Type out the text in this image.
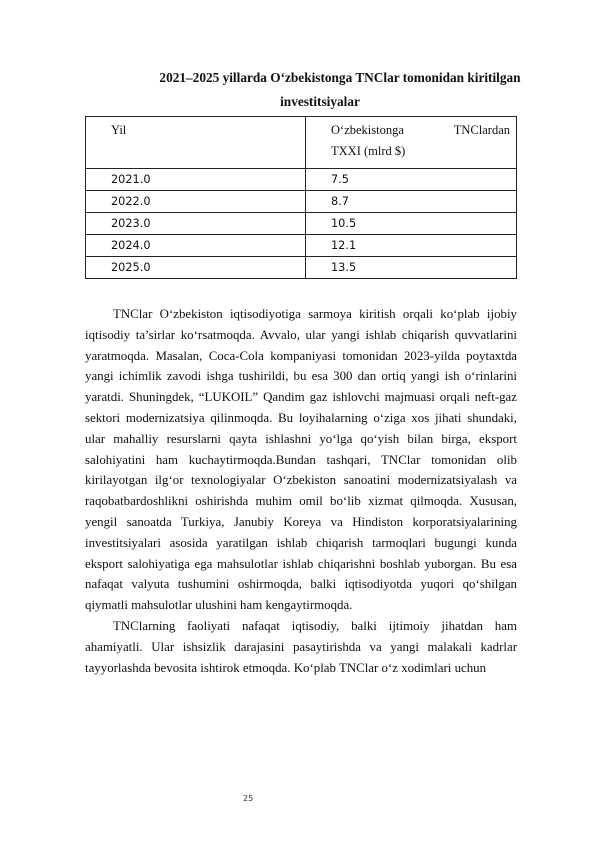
2021–2025 yillarda O‘zbekistonga TNClar tomonidan kiritilgan
investitsiyalar
Yil	O‘zbekistonga TNClardan
TXXI (mlrd $)

2021.0	7.5
2022.0	8.7
2023.0	10.5
2024.0	12.1
2025.0	13.5

TNClar O‘zbekiston iqtisodiyotiga sarmoya kiritish orqali ko‘plab ijobiy iqtisodiy ta’sirlar ko‘rsatmoqda. Avvalo, ular yangi ishlab chiqarish quvvatlarini yaratmoqda. Masalan, Coca-Cola kompaniyasi tomonidan 2023-yilda poytaxtda yangi ichimlik zavodi ishga tushirildi, bu esa 300 dan ortiq yangi ish o‘rinlarini yaratdi. Shuningdek, “LUKOIL” Qandim gaz ishlovchi majmuasi orqali neft-gaz sektori modernizatsiya qilinmoqda. Bu loyihalarning o‘ziga xos jihati shundaki, ular mahalliy resurslarni qayta ishlashni yo‘lga qo‘yish bilan birga, eksport salohiyatini ham kuchaytirmoqda.Bundan tashqari, TNClar tomonidan olib kirilayotgan ilg‘or texnologiyalar O‘zbekiston sanoatini modernizatsiyalash va raqobatbardoshlikni oshirishda muhim omil bo‘lib xizmat qilmoqda. Xususan, yengil sanoatda Turkiya, Janubiy Koreya va Hindiston korporatsiyalarining investitsiyalari asosida yaratilgan ishlab chiqarish tarmoqlari bugungi kunda eksport salohiyatiga ega mahsulotlar ishlab chiqarishni boshlab yuborgan. Bu esa nafaqat valyuta tushumini oshirmoqda, balki iqtisodiyotda yuqori qo‘shilgan qiymatli mahsulotlar ulushini ham kengaytirmoqda.

TNClarning faoliyati nafaqat iqtisodiy, balki ijtimoiy jihatdan ham ahamiyatli. Ular ishsizlik darajasini pasaytirishda va yangi malakali kadrlar tayyorlashda bevosita ishtirok etmoqda. Ko‘plab TNClar o‘z xodimlari uchun

25
